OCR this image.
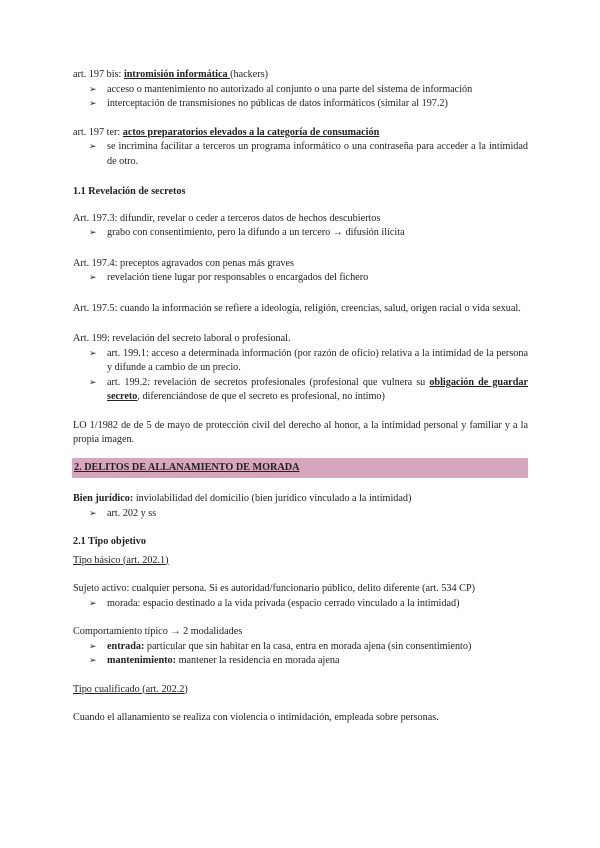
art. 197 bis: intromisión informática (hackers)

➢ acceso o mantenimiento no autorizado al conjunto o una parte del sistema de información

➢ interceptación de transmisiones no públicas de datos informáticos (similar al 197.2)

art. 197 ter: actos preparatorios elevados a la categoría de consumación

➢ se incrimina facilitar a terceros un programa informático o una contraseña para acceder a la intimidad de otro.

1.1 Revelación de secretos

Art. 197.3: difundir, revelar o ceder a terceros datos de hechos descubiertos

➢ grabo con consentimiento, pero la difundo a un tercero → difusión ilícita

Art. 197.4: preceptos agravados con penas más graves

➢ revelación tiene lugar por responsables o encargados del fichero

Art. 197.5: cuando la información se refiere a ideología, religión, creencias, salud, origen racial o vida sexual.

Art. 199: revelación del secreto laboral o profesional.

➢ art. 199.1: acceso a determinada información (por razón de oficio) relativa a la intimidad de la persona y difunde a cambio de un precio.

➢ art. 199.2: revelación de secretos profesionales (profesional que vulnera su obligación de guardar secreto, diferenciándose de que el secreto es profesional, no íntimo)

LO 1/1982 de de 5 de mayo de protección civil del derecho al honor, a la intimidad personal y familiar y a la propia imagen.

2. DELITOS DE ALLANAMIENTO DE MORADA

Bien jurídico: inviolabilidad del domicilio (bien jurídico vinculado a la intimidad)

➢ art. 202 y ss

2.1 Tipo objetivo

Tipo básico (art. 202.1)

Sujeto activo: cualquier persona. Si es autoridad/funcionario público, delito diferente (art. 534 CP)

➢ morada: espacio destinado a la vida privada (espacio cerrado vinculado a la intimidad)

Comportamiento típico → 2 modalidades

➢ entrada: particular que sin habitar en la casa, entra en morada ajena (sin consentimiento)

➢ mantenimiento: mantener la residencia en morada ajena

Tipo cualificado (art. 202.2)

Cuando el allanamiento se realiza con violencia o intimidación, empleada sobre personas.
